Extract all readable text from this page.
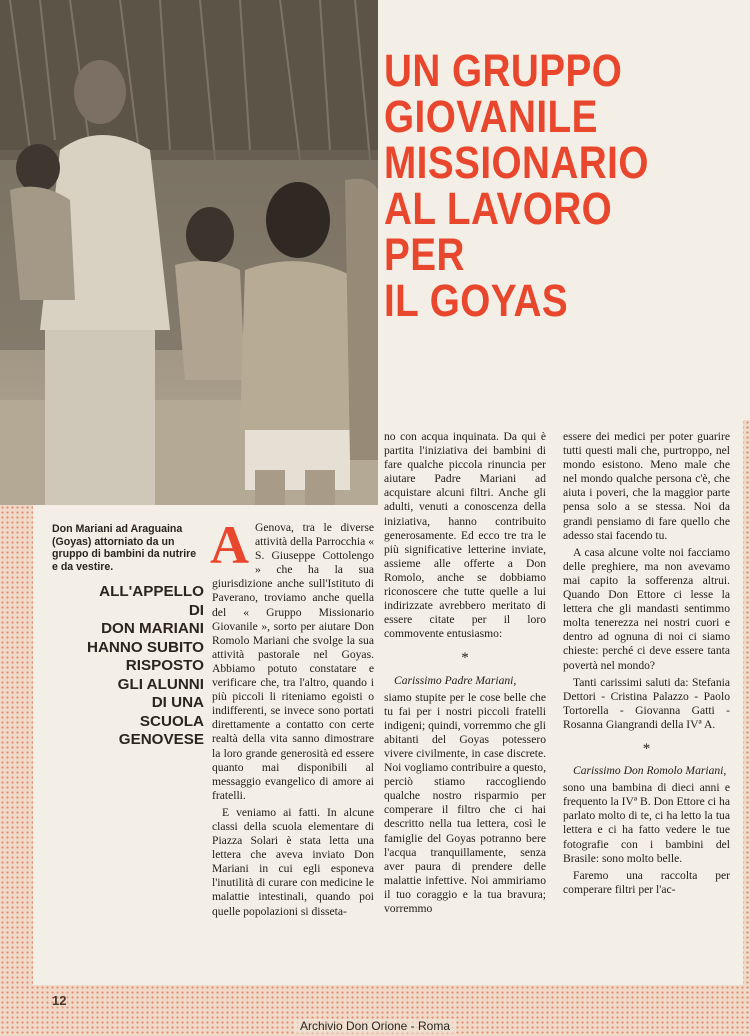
UN GRUPPO
GIOVANILE
MISSIONARIO
AL LAVORO
PER
IL GOYAS
Don Mariani ad Araguaina (Goyas) attorniato da un gruppo di bambini da nutrire e da vestire.
ALL'APPELLO
DI
DON MARIANI
HANNO SUBITO
RISPOSTO
GLI ALUNNI
DI UNA
SCUOLA
GENOVESE

A Genova, tra le diverse attività della Parrocchia « S. Giuseppe Cottolengo » che ha la sua giurisdizione anche sull'Istituto di Paverano, troviamo anche quella del « Gruppo Missionario Giovanile », sorto per aiutare Don Romolo Mariani che svolge la sua attività pastorale nel Goyas. Abbiamo potuto constatare e verificare che, tra l'altro, quando i più piccoli li riteniamo egoisti o indifferenti, se invece sono portati direttamente a contatto con certe realtà della vita sanno dimostrare la loro grande generosità ed essere quanto mai disponibili al messaggio evangelico di amore ai fratelli.

E veniamo ai fatti. In alcune classi della scuola elementare di Piazza Solari è stata letta una lettera che aveva inviato Don Mariani in cui egli esponeva l'inutilità di curare con medicine le malattie intestinali, quando poi quelle popolazioni si disseta-

no con acqua inquinata. Da qui è partita l'iniziativa dei bambini di fare qualche piccola rinuncia per aiutare Padre Mariani ad acquistare alcuni filtri. Anche gli adulti, venuti a conoscenza della iniziativa, hanno contribuito generosamente. Ed ecco tre tra le più significative letterine inviate, assieme alle offerte a Don Romolo, anche se dobbiamo riconoscere che tutte quelle a lui indirizzate avrebbero meritato di essere citate per il loro commovente entusiasmo:

*

Carissimo Padre Mariani,

siamo stupite per le cose belle che tu fai per i nostri piccoli fratelli indigeni; quindi, vorremmo che gli abitanti del Goyas potessero vivere civilmente, in case discrete. Noi vogliamo contribuire a questo, perciò stiamo raccogliendo qualche nostro risparmio per comperare il filtro che ci hai descritto nella tua lettera, così le famiglie del Goyas potranno bere l'acqua tranquillamente, senza aver paura di prendere delle malattie infettive. Noi ammiriamo il tuo coraggio e la tua bravura; vorremmo

essere dei medici per poter guarire tutti questi mali che, purtroppo, nel mondo esistono. Meno male che nel mondo qualche persona c'è, che aiuta i poveri, che la maggior parte pensa solo a se stessa. Noi da grandi pensiamo di fare quello che adesso stai facendo tu.

A casa alcune volte noi facciamo delle preghiere, ma non avevamo mai capito la sofferenza altrui. Quando Don Ettore ci lesse la lettera che gli mandasti sentimmo molta tenerezza nei nostri cuori e dentro ad ognuna di noi ci siamo chieste: perché ci deve essere tanta povertà nel mondo?

Tanti carissimi saluti da: Stefania Dettori - Cristina Palazzo - Paolo Tortorella - Giovanna Gatti - Rosanna Giangrandi della IVª A.

*

Carissimo Don Romolo Mariani,

sono una bambina di dieci anni e frequento la IVª B. Don Ettore ci ha parlato molto di te, ci ha letto la tua lettera e ci ha fatto vedere le tue fotografie con i bambini del Brasile: sono molto belle.

Faremo una raccolta per comperare filtri per l'ac-

12
Archivio Don Orione - Roma
